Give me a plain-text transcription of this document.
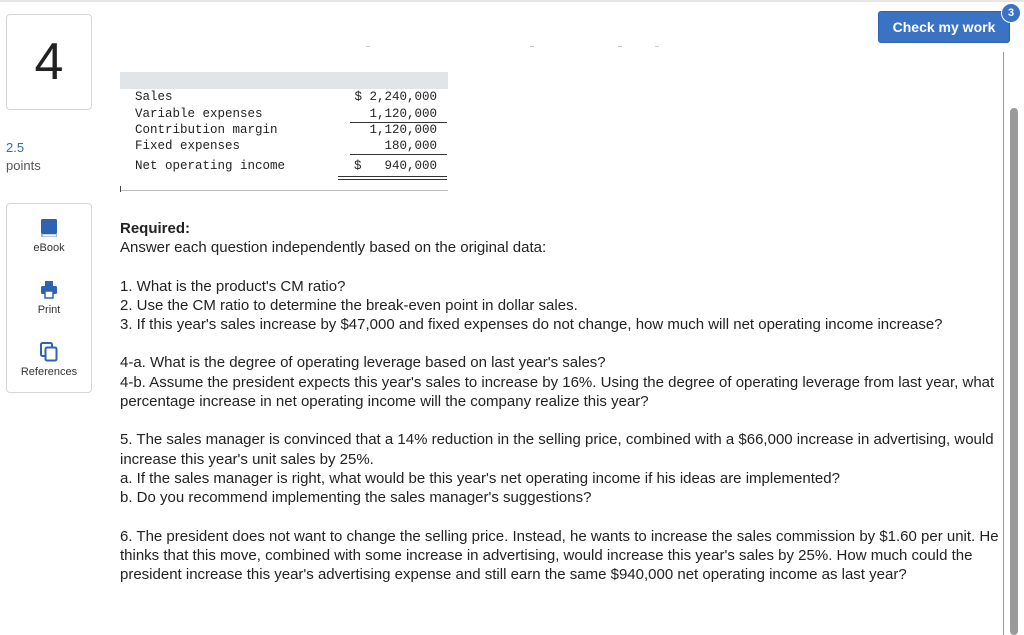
4
2.5
points
eBook
Print
References
Check my work
3
Sales	$ 2,240,000
Variable expenses	1,120,000
Contribution margin	1,120,000
Fixed expenses	180,000
Net operating income	$ 940,000

Required:

Answer each question independently based on the original data:

1. What is the product's CM ratio?

2. Use the CM ratio to determine the break-even point in dollar sales.

3. If this year's sales increase by $47,000 and fixed expenses do not change, how much will net operating income increase?

4-a. What is the degree of operating leverage based on last year's sales?

4-b. Assume the president expects this year's sales to increase by 16%. Using the degree of operating leverage from last year, what percentage increase in net operating income will the company realize this year?

5. The sales manager is convinced that a 14% reduction in the selling price, combined with a $66,000 increase in advertising, would increase this year's unit sales by 25%.

a. If the sales manager is right, what would be this year's net operating income if his ideas are implemented?

b. Do you recommend implementing the sales manager's suggestions?

6. The president does not want to change the selling price. Instead, he wants to increase the sales commission by $1.60 per unit. He thinks that this move, combined with some increase in advertising, would increase this year's sales by 25%. How much could the president increase this year's advertising expense and still earn the same $940,000 net operating income as last year?
